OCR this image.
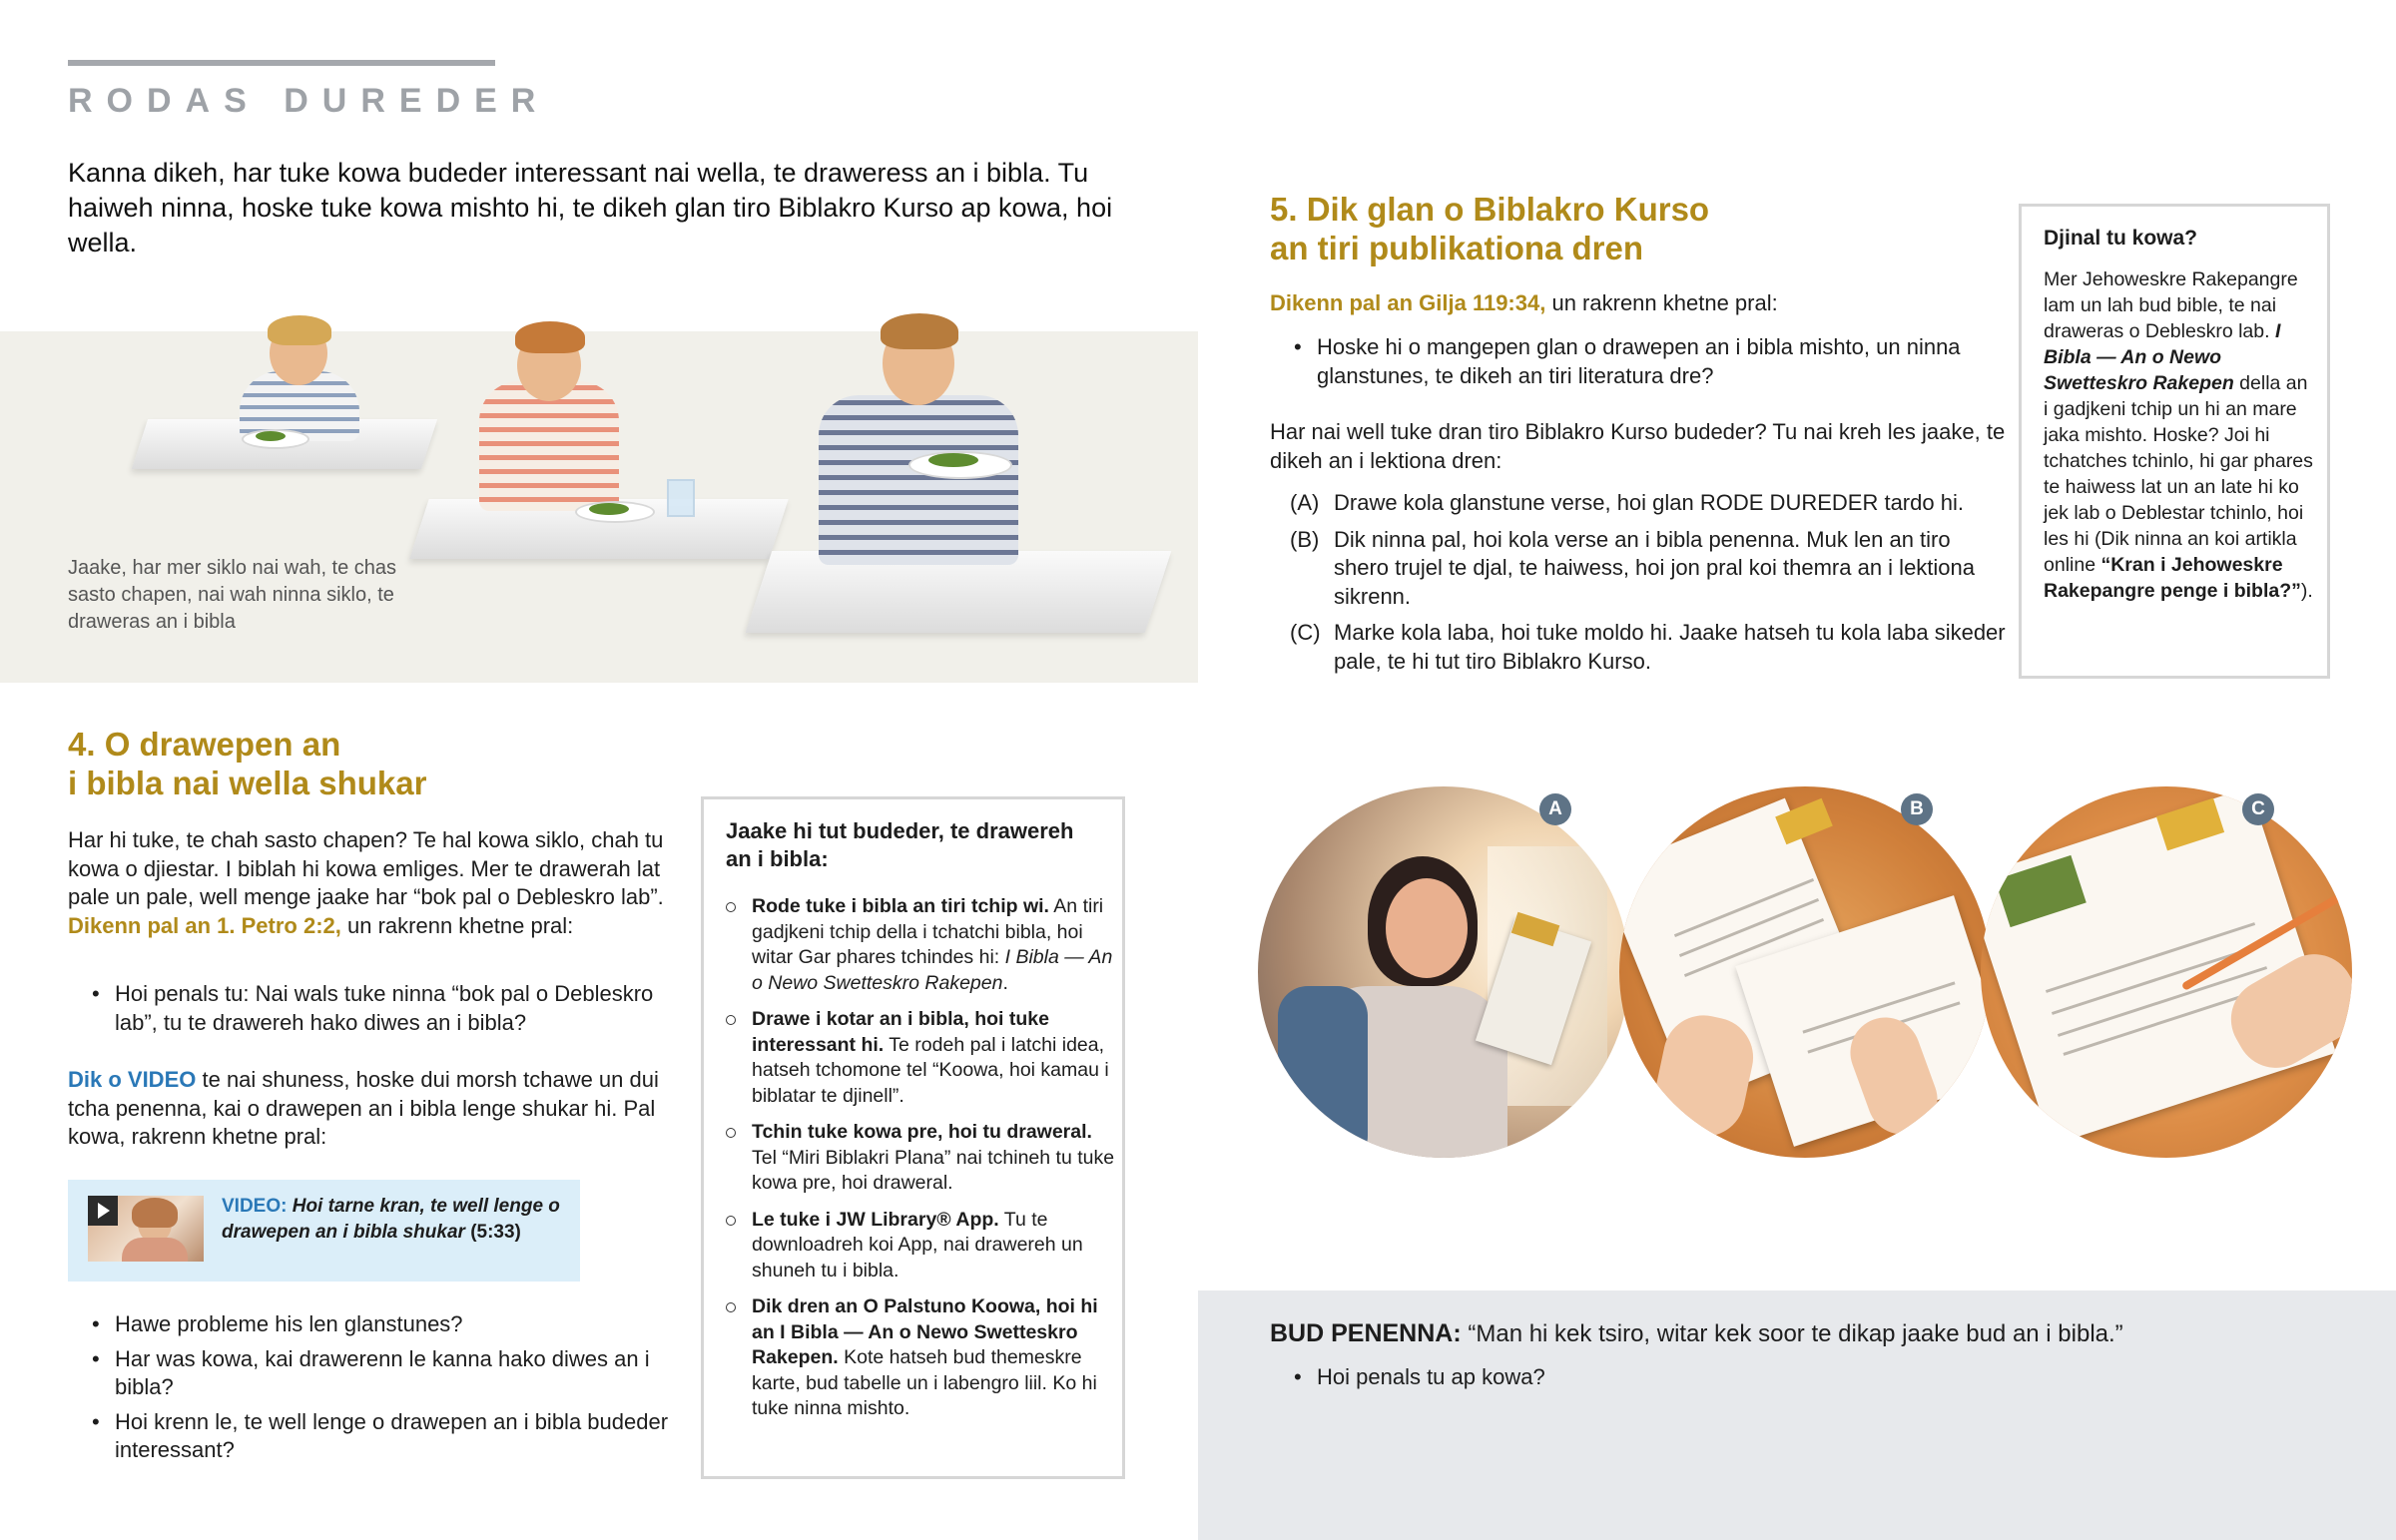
RODAS DUREDER

Kanna dikeh, har tuke kowa budeder interessant nai wella, te draweress an i bibla. Tu haiweh ninna, hoske tuke kowa mishto hi, te dikeh glan tiro Biblakro Kurso ap kowa, hoi wella.

Jaake, har mer siklo nai wah, te chas sasto chapen, nai wah ninna siklo, te draweras an i bibla

4. O drawepen an
i bibla nai wella shukar

Har hi tuke, te chah sasto chapen? Te hal kowa siklo, chah tu kowa o djiestar. I biblah hi kowa emliges. Mer te drawerah lat pale un pale, well menge jaake har “bok pal o Debleskro lab”. Dikenn pal an 1. Petro 2:2, un rakrenn khetne pral:

• Hoi penals tu: Nai wals tuke ninna “bok pal o Debleskro lab”, tu te drawereh hako diwes an i bibla?

Dik o VIDEO te nai shuness, hoske dui morsh tchawe un dui tcha penenna, kai o drawepen an i bibla lenge shukar hi. Pal kowa, rakrenn khetne pral:

VIDEO: Hoi tarne kran, te well lenge o drawepen an i bibla shukar (5:33)

• Hawe probleme his len glanstunes?
• Har was kowa, kai drawerenn le kanna hako diwes an i bibla?
• Hoi krenn le, te well lenge o drawepen an i bibla budeder interessant?
Jaake hi tut budeder, te drawereh an i bibla:
Rode tuke i bibla an tiri tchip wi. An tiri gadjkeni tchip della i tchatchi bibla, hoi witar Gar phares tchindes hi: I Bibla — An o Newo Swetteskro Rakepen.
Drawe i kotar an i bibla, hoi tuke interessant hi. Te rodeh pal i latchi idea, hatseh tchomone tel “Koowa, hoi kamau i biblatar te djinell”.
Tchin tuke kowa pre, hoi tu draweral. Tel “Miri Biblakri Plana” nai tchineh tu tuke kowa pre, hoi draweral.
Le tuke i JW Library® App. Tu te downloadreh koi App, nai drawereh un shuneh tu i bibla.
Dik dren an O Palstuno Koowa, hoi hi an I Bibla — An o Newo Swetteskro Rakepen. Kote hatseh bud themeskre karte, bud tabelle un i labengro liil. Ko hi tuke ninna mishto.
5. Dik glan o Biblakro Kurso
an tiri publikationa dren

Dikenn pal an Gilja 119:34, un rakrenn khetne pral:

• Hoske hi o mangepen glan o drawepen an i bibla mishto, un ninna glanstunes, te dikeh an tiri literatura dre?

Har nai well tuke dran tiro Biblakro Kurso budeder? Tu nai kreh les jaake, te dikeh an i lektiona dren:

(A) Drawe kola glanstune verse, hoi glan RODE DUREDER tardo hi.
(B) Dik ninna pal, hoi kola verse an i bibla penenna. Muk len an tiro shero trujel te djal, te haiwess, hoi jon pral koi themra an i lektiona sikrenn.
(C) Marke kola laba, hoi tuke moldo hi. Jaake hatseh tu kola laba sikeder pale, te hi tut tiro Biblakro Kurso.
Djinal tu kowa?

Mer Jehoweskre Rakepangre lam un lah bud bible, te nai draweras o Debleskro lab. I Bibla — An o Newo Swetteskro Rakepen della an i gadjkeni tchip un hi an mare jaka mishto. Hoske? Joi hi tchatches tchinlo, hi gar phares te haiwess lat un an late hi ko jek lab o Deblestar tchinlo, hoi les hi (Dik ninna an koi artikla online “Kran i Jehoweskre Rakepangre penge i bibla?”).

A	B	C

BUD PENENNA: “Man hi kek tsiro, witar kek soor te dikap jaake bud an i bibla.”

• Hoi penals tu ap kowa?
